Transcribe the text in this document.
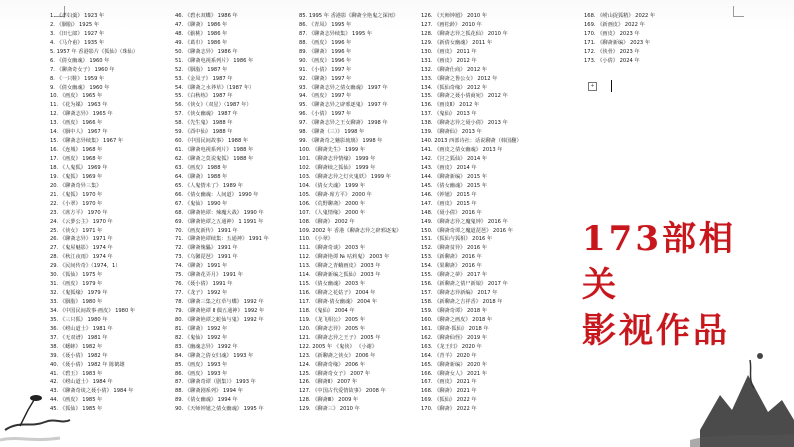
1. 《孝妇羹》 1923 年
2. 《胭脂》 1925 年
3. 《田七郎》 1927 年
4. 《马介甫》 1935 年
5. 1957 年 香港影片《狐仙》（珠仙）
6. 《倩女幽魂》 1960 年
7. 《聊斋奇女子》 1960 年
8. 《一只鞋》 1959 年
9. 《倩女幽魂》 1960 年
10. 《画皮》 1965 年
11. 《花为媒》 1963 年
12. 《聊斋志异》 1965 年
13. 《画皮》 1966 年
14. 《胭中人》 1967 年
15. 《聊斋志异续集》 1967 年
16. 《连城》 1968 年
17. 《画皮》 1968 年
18. 《人鬼狐》 1969 年
19. 《鬼狐》 1969 年
20. 《聊斋奇异三集》
21. 《鬼狐》 1970 年
22. 《小翠》 1970 年
23. 《席方平》 1970 年
24. 《云萝公主》 1970 年
25. 《侠女》 1971 年
26. 《聊斋志异》 1971 年
27. 《鬼屋魅影》 1974 年
28. 《秋江夜雨》 1974 年
29. 《民间传奇》（1974，1）
30. 《狐仙》 1975 年
31. 《画皮》 1979 年
32. 《鬼狐缘》 1979 年
33. 《胭脂》 1980 年
34. 《中国民间故事·画皮》 1980 年
35. 《三只狐》 1980 年
36. 《崂山道士》 1981 年
37. 《无双谱》 1981 年
38. 《蟋蟀》 1982 年
39. 《聂小倩》 1982 年
40. 《聂小倩》 1982 年 陈鹤雄
41. 《碧玉》 1983 年
42. 《崂山道士》 1984 年
43. 《聊斋奇谈之聂小倩》 1984 年
44. 《画皮》 1985 年
45. 《狐仙》 1985 年
46. 《碧水双蝶》 1986 年
47. 《聊斋》 1986 年
48. 《偷桃》 1986 年
49. 《葛巾》 1986 年
50. 《聊斋志异》 1986 年
51. 《聊斋电视系列片》 1986 年
52. 《胭脂》 1987 年
53. 《金凤子》 1987 年
54. 《聊斋之水莽草》（1987 年）
55. 《白秋练》 1987 年
56. 《侠女》（双星）（1987 年）
57. 《侠女幽魂》 1987 年
58. 《先生鬼》 1988 年
59. 《酉中仙》 1988 年
60. 《中国民间故事》 1988 年
61. 《聊斋电视系列片》 1988 年
62. 《聊斋之莫说鬼狐》 1988 年
63. 《画皮》 1988 年
64. 《聊斋》 1988 年
65. 《人鬼情未了》 1989 年
66. 《倩女幽魂：人间道》 1990 年
67. 《鬼仙》 1990 年
68. 《聊斋艳谭：辣魔大战》 1990 年
69. 《聊斋艳谭之五通神》 1 1991 年
70. 《画皮新传》 1991 年
71. 《聊斋艳谭续集：五通神》 1991 年
72. 《聊斋傀儡》 1991 年
73. 《乌馨琵琶》 1991 年
74. 《聊斋》 1991 年
75. 《聊斋花弄月》 1991 年
76. 《聂小倩》 1991 年
77. 《龙子》 1992 年
78. 《聊斋三集之红草与蝶》 1992 年
79. 《聊斋艳谭 Ⅱ 偶五通神》 1992 年
80. 《聊斋艳谭之蛇仙与鬼》 1992 年
81. 《聊斋》 1992 年
82. 《鬼仙》 1992 年
83. 《幽魂志异》 1992 年
84. 《聊斋之倩女归魂》 1993 年
85. 《画皮》 1993 年
86. 《画皮》 1993 年
87. 《聊斋奇谭（剧集）》 1993 年
88. 《聊斋剧系列》 1994 年
89. 《倩女幽魂》 1994 年
90. 《天师钟馗之倩女幽魂》 1995 年
85. 1995 年 香港影《聊斋全艳鬼之深闺》
86. 《青凤》 1995 年
87. 《聊斋志异续集》 1995 年
88. 《画皮》 1996 年
89. 《聊斋》 1996 年
90. 《画皮》 1996 年
91. 《小倩》 1997 年
92. 《聊斋》 1997 年
93. 《聊斋志异之倩女幽魂》 1997 年
94. 《画皮》 1997 年
95. 《聊斋志异之辟邪逐鬼》 1997 年
96. 《小倩》 1997 年
97. 《聊斋志异之王女聊斋》 1998 年
98. 《聊斋（三）》 1998 年
99. 《聊斋奇之魅影琉璃》 1998 年
100. 《聊斋先生》 1999 年
101. 《聊斋志异情缘》 1999 年
102. 《聊斋续之狐仙》 1999 年
103. 《聊斋志异之灯火鬼妖》 1999 年
104. 《倩女夫魂》 1999 年
105. 《聊斋·席方平》 2000 年
106. 《荒野聊斋》 2000 年
107. 《人鬼情缘》 2000 年
108. 《聊斋》 2002 年
109. 2002 年 香港《聊斋志异之辟邪逐鬼》
110. 《小翠》
111. 《聊斋奇谈》 2003 年
112. 《聊斋艳谭 № 咕莉鬼》 2003 年
113. 《聊斋之青蛾画皮》 2003 年
114. 《聊斋新编之狐仙》 2003 年
115. 《倩女幽魂》 2003 年
116. 《聊斋之花姑子》 2004 年
117. 《聊斋·倩女幽魂》 2004 年
118. 《鬼仙》 2004 年
119. 《龙飞相公》 2005 年
120. 《聊斋志异》 2005 年
121. 《聊斋志异之王子》 2005 年
122. 2005 年 《鬼侠》 《小谢》
123. 《新聊斋之侠女》 2006 年
124. 《聊斋奇缘》 2006 年
125. 《聊斋奇女子》 2007 年
126. 《聊斋Ⅱ》 2007 年
127. 《中国古代爱情故事》 2008 年
128. 《聊斋Ⅲ》 2009 年
129. 《聊斋三》 2010 年
126. 《天师钟馗》 2010 年
127. 《画松龄》 2010 年
128. 《聊斋志异之狐花仙》 2010 年
129. 《新倩女幽魂》 2011 年
130. 《画皮》 2011 年
131. 《画皮》 2012 年
132. 《聊斋仕商》 2012 年
133. 《聊斋之鲁公女》 2012 年
134. 《狐仙奇缘》 2012 年
135. 《聊斋之聂小倩商宛》 2012 年
136. 《画皮Ⅱ》 2012 年
137. 《鬼仙》 2013 年
138. 《聊斋志异之聂小倩》 2013 年
139. 《聊斋仙》 2013 年
140. 2013 西部诗社：话说聊斋（韩国翻）
141. 《画皮之倩女幽魂》 2013 年
142. 《宫之狐仙》 2014 年
143. 《画皮》 2014 年
144. 《聊斋新编》 2015 年
145. 《倩女幽魂》 2015 年
146. 《钟馗》 2015 年
147. 《画皮》 2015 年
148. 《聂小倩》 2016 年
149. 《聊斋志异之魔鬼钟》 2016 年
150. 《聊斋奇谭之魔道琵琶》 2016 年
151. 《狐仙与狐相》 2016 年
152. 《聊斋贫异》 2016 年
153. 《新聊斋》 2016 年
154. 《果聊斋》 2016 年
155. 《聊斋之夢》 2017 年
156. 《新聊斋之倩尸新娘》 2017 年
157. 《聊斋志异新编》 2017 年
158. 《新聊斋之吉祥香》 2018 年
159. 《聊斋奇谭》 2018 年
160. 《聊斋之画皮》 2018 年
161. 《聊斋·狐仙》 2018 年
162. 《聊斋仙怪》 2019 年
163. 《龙王归》 2020 年
164. 《青羊》 2020 年
165. 《聊斋新编》 2020 年
166. 《聊斋女人》 2021 年
167. 《画皮》 2021 年
168. 《聊斋》 2021 年
169. 《狐仙》 2022 年
170. 《聊斋》 2022 年
168. 《崂山捉狐精》 2022 年
169. 《新画皮》 2022 年
170. 《画皮》 2023 年
171. 《聊斋新编》 2023 年
172. 《侠骨》 2023 年
173. 《小倩》 2024 年
+
173部相关
影视作品
